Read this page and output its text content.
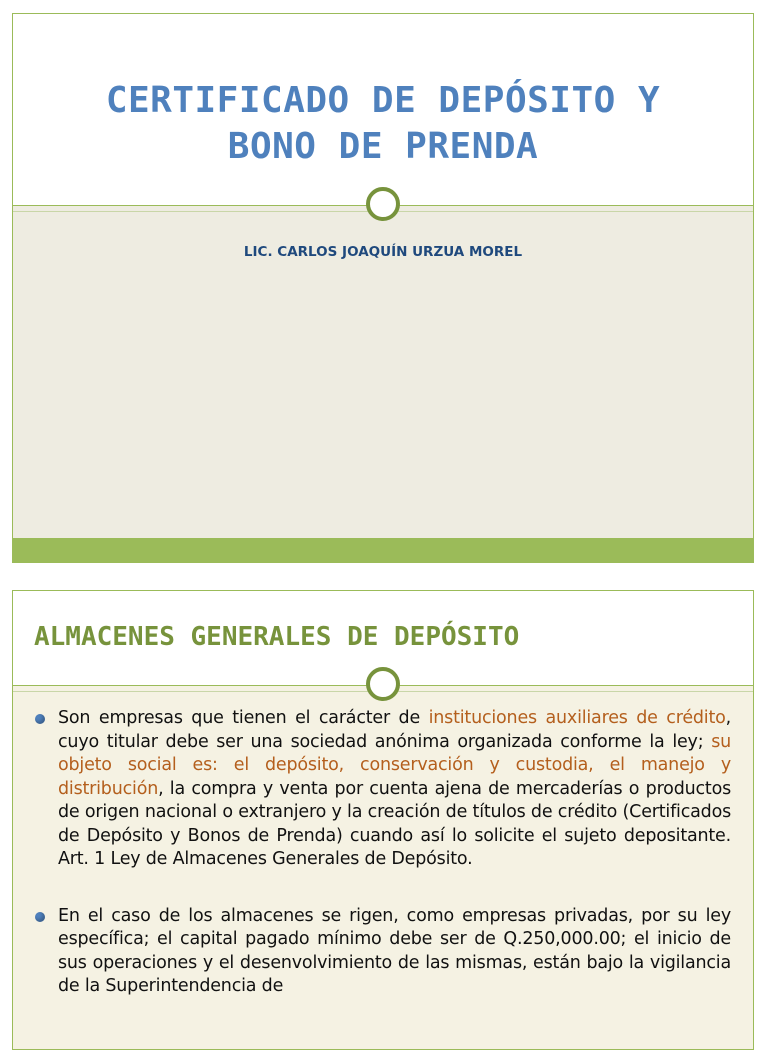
CERTIFICADO DE DEPÓSITO Y
BONO DE PRENDA
LIC. CARLOS JOAQUÍN URZUA MOREL
ALMACENES GENERALES DE DEPÓSITO
Son empresas que tienen el carácter de instituciones auxiliares de crédito, cuyo titular debe ser una sociedad anónima organizada conforme la ley; su objeto social es: el depósito, conservación y custodia, el manejo y distribución, la compra y venta por cuenta ajena de mercaderías o productos de origen nacional o extranjero y la creación de títulos de crédito (Certificados de Depósito y Bonos de Prenda) cuando así lo solicite el sujeto depositante. Art. 1 Ley de Almacenes Generales de Depósito.
En el caso de los almacenes se rigen, como empresas privadas, por su ley específica; el capital pagado mínimo debe ser de Q.250,000.00; el inicio de sus operaciones y el desenvolvimiento de las mismas, están bajo la vigilancia de la Superintendencia de
